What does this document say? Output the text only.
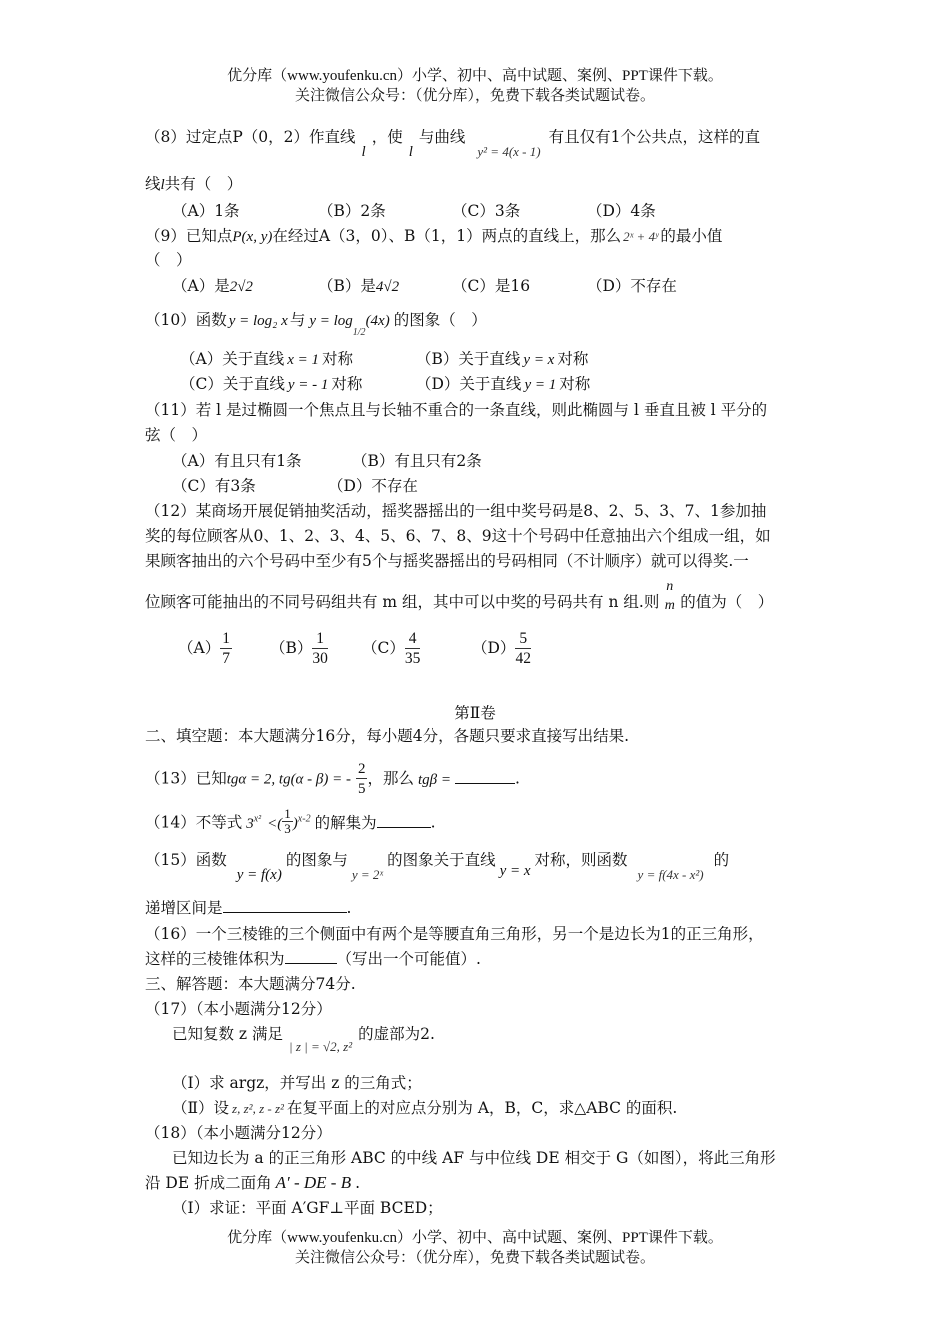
优分库（www.youfenku.cn）小学、初中、高中试题、案例、PPT课件下载。
关注微信公众号：（优分库），免费下载各类试题试卷。
（8）过定点P（0，2）作直线l，使l与曲线$_{y^2 = 4(x - 1)}$有且仅有1个公共点，这样的直
线l共有（　）
（A）1条	（B）2条	（C）3条	（D）4条
（9）已知点P(x, y)在经过A（3，0）、B（1，1）两点的直线上，那么 2ˣ + 4ʸ 的最小值
（　）
（A）是2√2	（B）是4√2	（C）是16	（D）不存在
（10）函数 y = log₂ x 与 $y = \log_{1/2}(4x)$ 的图象（　）
（A）关于直线 x = 1 对称	（B）关于直线 y = x 对称
（C）关于直线 y = - 1 对称	（D）关于直线 y = 1 对称
（11）若 l 是过椭圆一个焦点且与长轴不重合的一条直线，则此椭圆与 l 垂直且被 l 平分的
弦（　）
（A）有且只有1条	（B）有且只有2条
（C）有3条	（D）不存在
（12）某商场开展促销抽奖活动，摇奖器摇出的一组中奖号码是8、2、5、3、7、1参加抽
奖的每位顾客从0、1、2、3、4、5、6、7、8、9这十个号码中任意抽出六个组成一组，如
果顾客抽出的六个号码中至少有5个与摇奖器摇出的号码相同（不计顺序）就可以得奖.一
位顾客可能抽出的不同号码组共有 m 组，其中可以中奖的号码共有 n 组.则
n
m 的值为（　）
$(A) \frac{1}{7} (B) \frac{1}{30} (C) \frac{4}{35}$	$(D) \frac{5}{42}$
第Ⅱ卷
二、填空题：本大题满分16分，每小题4分，各题只要求直接写出结果.
（13）已知tgα = 2, tg(α - β) = - $\frac{2}{5}$ ，那么 tgβ =	.
（14）不等式 $3^{x^2}$ <( $\frac{1}{3} )^{x-2}$ 的解集为	.
（15）函数y = f(x)的图象与$_{y = 2ˣ}$的图象关于直线y = x对称，则函数$_{y = f(4x - x^2)}$的
递增区间是	.
（16）一个三棱锥的三个侧面中有两个是等腰直角三角形，另一个是边长为1的正三角形，
这样的三棱锥体积为	（写出一个可能值）.
三、解答题：本大题满分74分.
（17）（本小题满分12分）
已知复数 z 满足$_{| z | = √2, z^2}$的虚部为2.
（Ⅰ）求 argz，并写出 z 的三角式；
（Ⅱ）设 z, z², z - z² 在复平面上的对应点分别为 A，B，C，求△ABC 的面积.
（18）（本小题满分12分）
已知边长为 a 的正三角形 ABC 的中线 AF 与中位线 DE 相交于 G（如图），将此三角形
沿 DE 折成二面角 A′ - DE - B .
（Ⅰ）求证：平面 A′GF⊥平面 BCED；
优分库（www.youfenku.cn）小学、初中、高中试题、案例、PPT课件下载。
关注微信公众号：（优分库），免费下载各类试题试卷。
